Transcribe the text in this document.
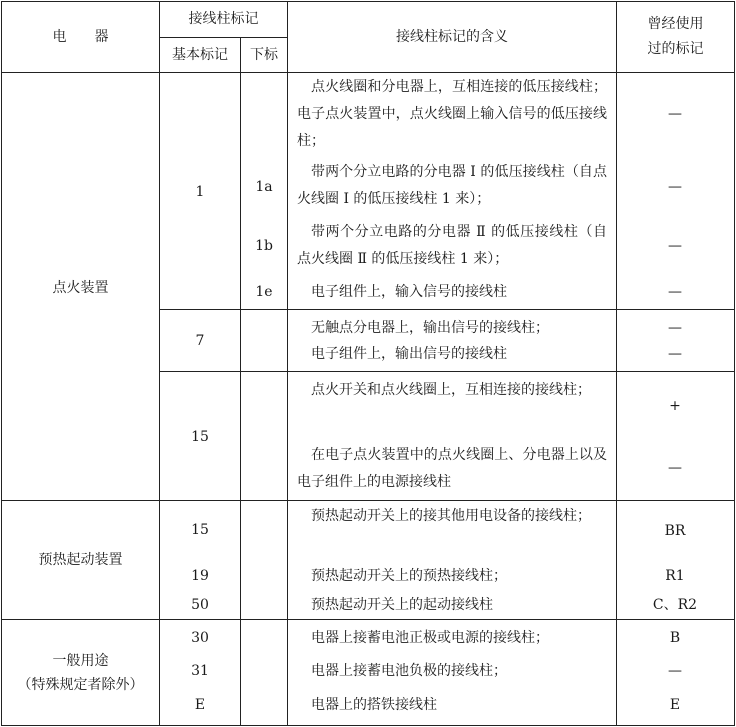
电　　器
接线柱标记
基本标记	下标
接线柱标记的含义
曾经使用
过的标记
点火装置
预热起动装置
一般用途
（特殊规定者除外）
1
7
15
15
19
50
30
31
E
1a
1b
1e
点火线圈和分电器上，互相连接的低压接线柱；电子点火装置中，点火线圈上输入信号的低压接线柱；
带两个分立电路的分电器 Ⅰ 的低压接线柱（自点火线圈 Ⅰ 的低压接线柱 1 来）；
带两个分立电路的分电器 Ⅱ 的低压接线柱（自点火线圈 Ⅱ 的低压接线柱 1 来）；
电子组件上，输入信号的接线柱
无触点分电器上，输出信号的接线柱；
电子组件上，输出信号的接线柱
点火开关和点火线圈上，互相连接的接线柱；
在电子点火装置中的点火线圈上、分电器上以及电子组件上的电源接线柱
预热起动开关上的接其他用电设备的接线柱；
预热起动开关上的预热接线柱；
预热起动开关上的起动接线柱
电器上接蓄电池正极或电源的接线柱；
电器上接蓄电池负极的接线柱；
电器上的搭铁接线柱
—
—
—
—
—
—
+
—
BR
R1
C、R2
B
—
E
